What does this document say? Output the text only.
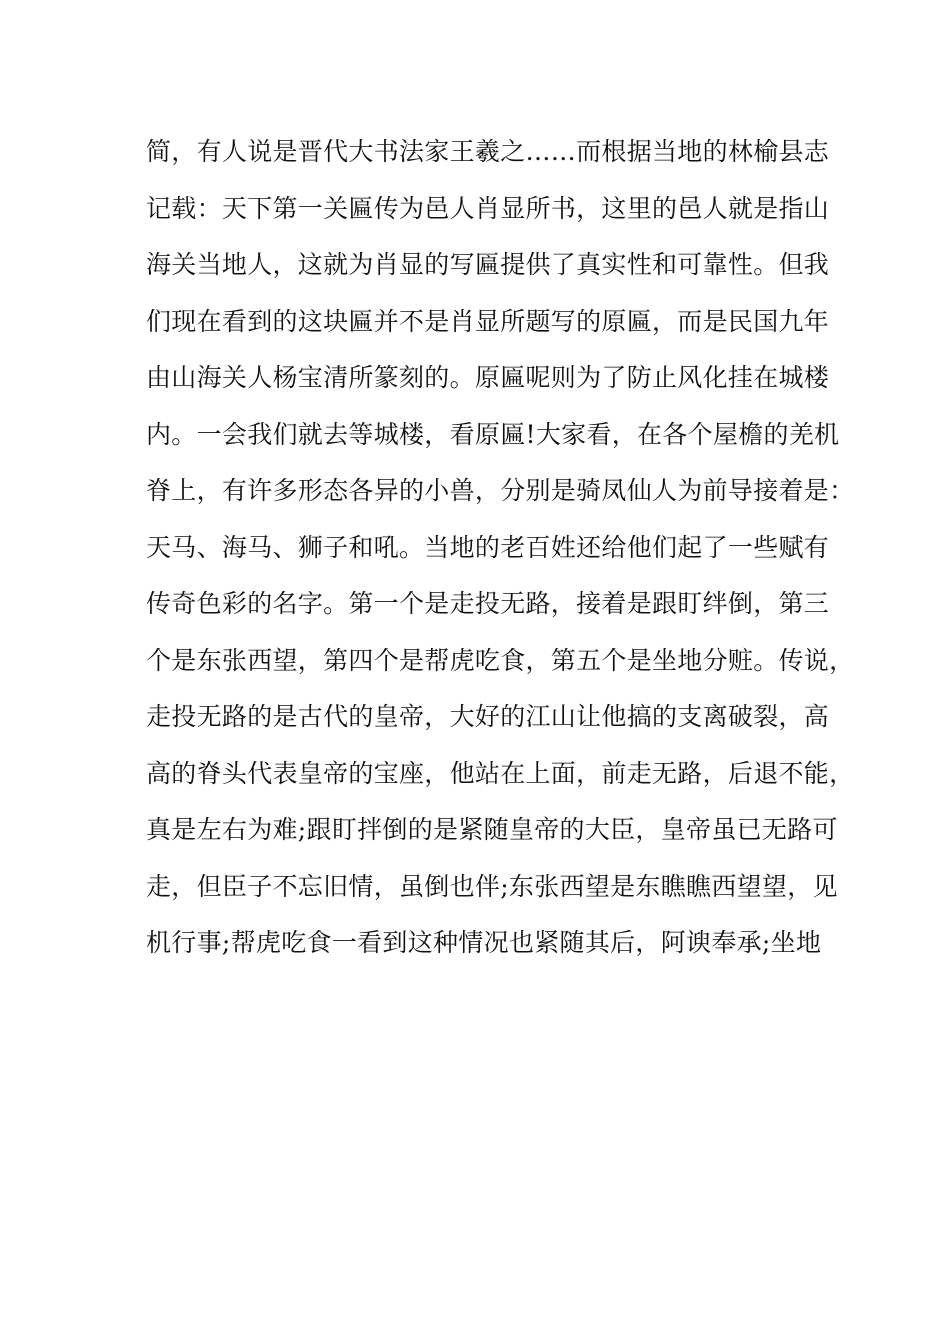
简，有人说是晋代大书法家王羲之……而根据当地的林榆县志
记载：天下第一关匾传为邑人肖显所书，这里的邑人就是指山
海关当地人，这就为肖显的写匾提供了真实性和可靠性。但我
们现在看到的这块匾并不是肖显所题写的原匾，而是民国九年
由山海关人杨宝清所篆刻的。原匾呢则为了防止风化挂在城楼
内。一会我们就去等城楼，看原匾!大家看，在各个屋檐的羌机
脊上，有许多形态各异的小兽，分别是骑凤仙人为前导接着是：
天马、海马、狮子和吼。当地的老百姓还给他们起了一些赋有
传奇色彩的名字。第一个是走投无路，接着是跟盯绊倒，第三
个是东张西望，第四个是帮虎吃食，第五个是坐地分赃。传说，
走投无路的是古代的皇帝，大好的江山让他搞的支离破裂，高
高的脊头代表皇帝的宝座，他站在上面，前走无路，后退不能，
真是左右为难;跟盯拌倒的是紧随皇帝的大臣，皇帝虽已无路可
走，但臣子不忘旧情，虽倒也伴;东张西望是东瞧瞧西望望，见
机行事;帮虎吃食一看到这种情况也紧随其后，阿谀奉承;坐地
